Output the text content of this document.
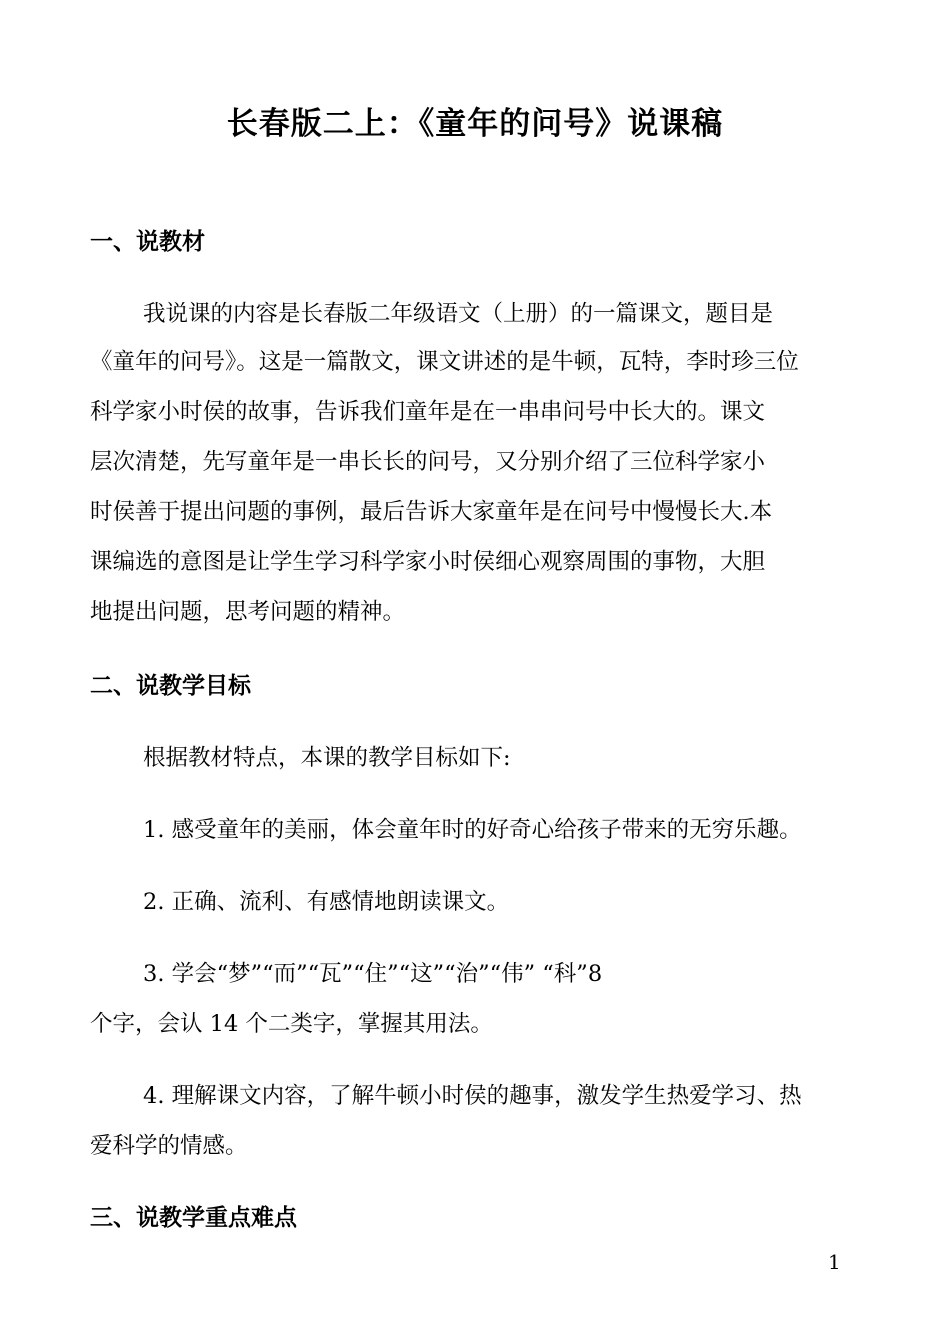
长春版二上：《童年的问号》说课稿
一、说教材
我说课的内容是长春版二年级语文（上册）的一篇课文，题目是
《童年的问号》。这是一篇散文，课文讲述的是牛顿，瓦特，李时珍三位
科学家小时侯的故事，告诉我们童年是在一串串问号中长大的。课文
层次清楚，先写童年是一串长长的问号，又分别介绍了三位科学家小
时侯善于提出问题的事例，最后告诉大家童年是在问号中慢慢长大.本
课编选的意图是让学生学习科学家小时侯细心观察周围的事物，大胆
地提出问题，思考问题的精神。
二、说教学目标
根据教材特点，本课的教学目标如下:
1. 感受童年的美丽，体会童年时的好奇心给孩子带来的无穷乐趣。
2. 正确、流利、有感情地朗读课文。
3. 学会“梦”“而”“瓦”“住”“这”“治”“伟” “科”8
个字，会认 14 个二类字，掌握其用法。
4. 理解课文内容，了解牛顿小时侯的趣事，激发学生热爱学习、热
爱科学的情感。
三、说教学重点难点
1
